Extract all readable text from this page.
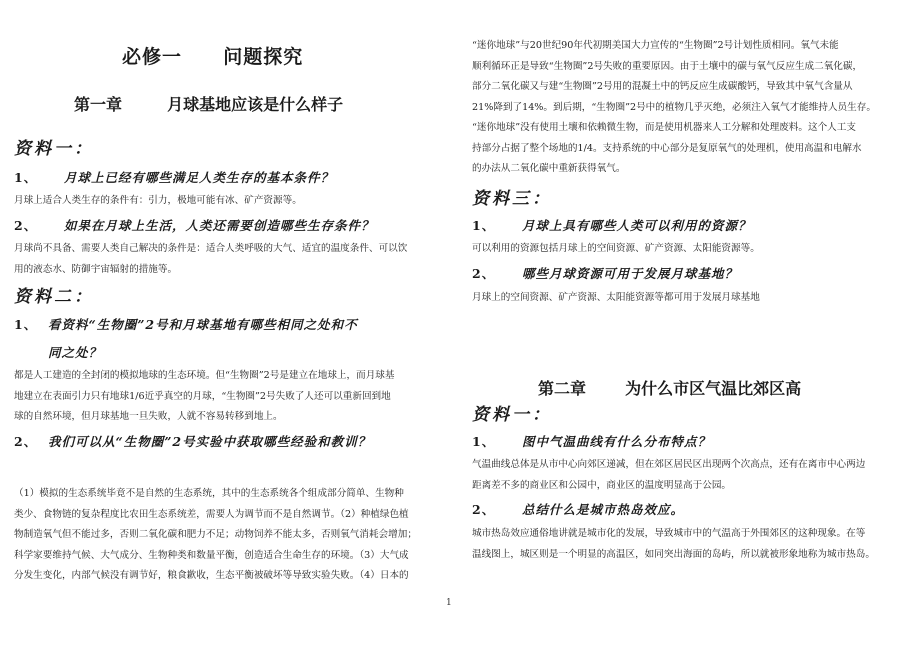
必修一 问题探究
第一章	月球基地应该是什么样子
资料一：
1、 月球上已经有哪些满足人类生存的基本条件？
月球上适合人类生存的条件有：引力，极地可能有冰、矿产资源等。
2、 如果在月球上生活，人类还需要创造哪些生存条件？
月球尚不具备、需要人类自己解决的条件是：适合人类呼吸的大气、适宜的温度条件、可以饮
用的液态水、防御宇宙辐射的措施等。
资料二：
1、 看资料“生物圈”2号和月球基地有哪些相同之处和不
同之处？
都是人工建造的全封闭的模拟地球的生态环境。但“生物圈”2号是建立在地球上，而月球基
地建立在表面引力只有地球1/6近乎真空的月球，“生物圈”2号失败了人还可以重新回到地
球的自然环境，但月球基地一旦失败，人就不容易转移到地上。
2、 我们可以从“生物圈”2号实验中获取哪些经验和教训？
（1）模拟的生态系统毕竟不是自然的生态系统，其中的生态系统各个组成部分简单、生物种
类少、食物链的复杂程度比农田生态系统差，需要人为调节而不是自然调节。（2）种植绿色植
物制造氧气但不能过多，否则二氧化碳和肥力不足；动物饲养不能太多，否则氧气消耗会增加；
科学家要维持气候、大气成分、生物种类和数量平衡，创造适合生命生存的环境。（3）大气成
分发生变化，内部气候没有调节好，粮食歉收，生态平衡被破坏等导致实验失败。（4）日本的
“迷你地球”与20世纪90年代初期美国大力宣传的“生物圈”2号计划性质相同。氧气未能
顺利循环正是导致“生物圈”2号失败的重要原因。由于土壤中的碳与氧气反应生成二氧化碳，
部分二氧化碳又与建“生物圈”2号用的混凝土中的钙反应生成碳酸钙，导致其中氧气含量从
21%降到了14%。到后期，“生物圈”2号中的植物几乎灭绝，必须注入氧气才能维持人员生存。
“迷你地球”没有使用土壤和依赖微生物，而是使用机器来人工分解和处理废料。这个人工支
持部分占据了整个场地的1/4。支持系统的中心部分是复原氧气的处理机，使用高温和电解水
的办法从二氧化碳中重新获得氧气。
资料三：
1、 月球上具有哪些人类可以利用的资源？
可以利用的资源包括月球上的空间资源、矿产资源、太阳能资源等。
2、 哪些月球资源可用于发展月球基地？
月球上的空间资源、矿产资源、太阳能资源等都可用于发展月球基地
第二章 为什么市区气温比郊区高
资料一：
1、 图中气温曲线有什么分布特点？
气温曲线总体是从市中心向郊区递减，但在郊区居民区出现两个次高点，还有在离市中心两边
距离差不多的商业区和公园中，商业区的温度明显高于公园。
2、 总结什么是城市热岛效应。
城市热岛效应通俗地讲就是城市化的发展，导致城市中的气温高于外围郊区的这种现象。在等
温线图上，城区则是一个明显的高温区，如同突出海面的岛屿，所以就被形象地称为城市热岛。
1
